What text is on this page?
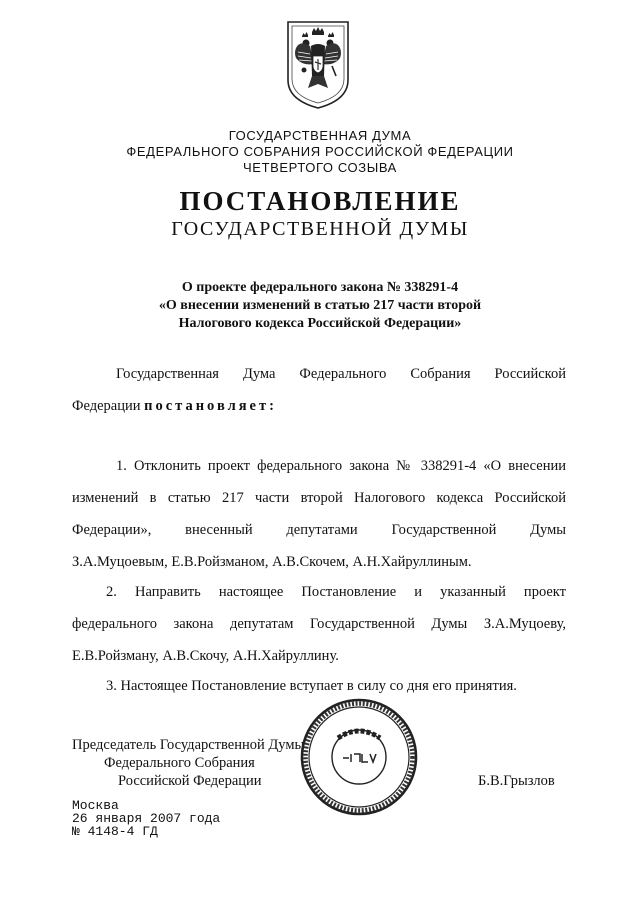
ГОСУДАРСТВЕННАЯ ДУМА
ФЕДЕРАЛЬНОГО СОБРАНИЯ РОССИЙСКОЙ ФЕДЕРАЦИИ
ЧЕТВЕРТОГО СОЗЫВА
ПОСТАНОВЛЕНИЕ
ГОСУДАРСТВЕННОЙ ДУМЫ
О проекте федерального закона № 338291-4
«О внесении изменений в статью 217 части второй
Налогового кодекса Российской Федерации»
Государственная Дума Федерального Собрания Российской
Федерации постановляет:
1. Отклонить проект федерального закона № 338291-4 «О внесении
изменений в статью 217 части второй Налогового кодекса Российской
Федерации», внесенный депутатами Государственной Думы
З.А.Муцоевым, Е.В.Ройзманом, А.В.Скочем, А.Н.Хайруллиным.
2. Направить настоящее Постановление и указанный проект
федерального закона депутатам Государственной Думы З.А.Муцоеву,
Е.В.Ройзману, А.В.Скочу, А.Н.Хайруллину.
3. Настоящее Постановление вступает в силу со дня его принятия.
Председатель Государственной Думы
Федерального Собрания
Российской Федерации	Б.В.Грызлов
Москва
26 января 2007 года
№ 4148-4 ГД
